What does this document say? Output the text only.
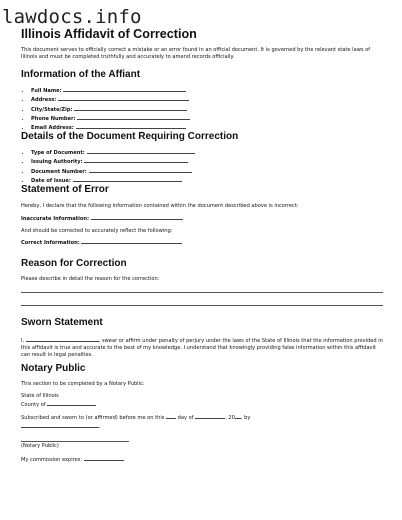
lawdocs.info
Illinois Affidavit of Correction

This document serves to officially correct a mistake or an error found in an official document. It is governed by the relevant state laws of Illinois and must be completed truthfully and accurately to amend records officially.

Information of the Affiant
• Full Name:
• Address:
• City/State/Zip:
• Phone Number:
• Email Address:
Details of the Document Requiring Correction
• Type of Document:
• Issuing Authority:
• Document Number:
• Date of Issue:
Statement of Error

Hereby, I declare that the following information contained within the document described above is incorrect:

Inaccurate Information:

And should be corrected to accurately reflect the following:

Correct Information:

Reason for Correction

Please describe in detail the reason for the correction:

Sworn Statement

I,	, swear or affirm under penalty of perjury under the laws of the State of Illinois that the information provided in this affidavit is true and accurate to the best of my knowledge. I understand that knowingly providing false information within this affidavit can result in legal penalties.

Notary Public

This section to be completed by a Notary Public:

State of Illinois

County of

Subscribed and sworn to (or affirmed) before me on this	day of	, 20 , by

.

(Notary Public)

My commission expires:
